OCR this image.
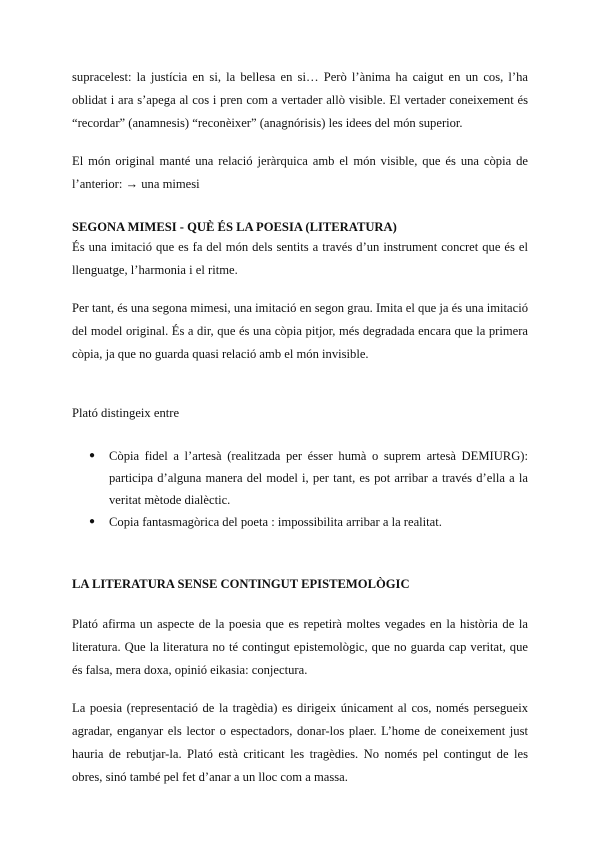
supracelest: la justícia en si, la bellesa en si… Però l’ànima ha caigut en un cos, l’ha oblidat i ara s’apega al cos i pren com a vertader allò visible. El vertader coneixement és “recordar” (anamnesis) “reconèixer” (anagnórisis) les idees del món superior.

El món original manté una relació jeràrquica amb el món visible, que és una còpia de l’anterior: → una mimesi

SEGONA MIMESI - QUÈ ÉS LA POESIA (LITERATURA)

És una imitació que es fa del món dels sentits a través d’un instrument concret que és el llenguatge, l’harmonia i el ritme.

Per tant, és una segona mimesi, una imitació en segon grau. Imita el que ja és una imitació del model original. És a dir, que és una còpia pitjor, més degradada encara que la primera còpia, ja que no guarda quasi relació amb el món invisible.

Plató distingeix entre

● Còpia fidel a l’artesà (realitzada per ésser humà o suprem artesà DEMIURG): participa d’alguna manera del model i, per tant, es pot arribar a través d’ella a la veritat mètode dialèctic.
● Copia fantasmagòrica del poeta : impossibilita arribar a la realitat.
LA LITERATURA SENSE CONTINGUT EPISTEMOLÒGIC

Plató afirma un aspecte de la poesia que es repetirà moltes vegades en la història de la literatura. Que la literatura no té contingut epistemològic, que no guarda cap veritat, que és falsa, mera doxa, opinió eikasia: conjectura.

La poesia (representació de la tragèdia) es dirigeix únicament al cos, només persegueix agradar, enganyar els lector o espectadors, donar-los plaer. L’home de coneixement just hauria de rebutjar-la. Plató està criticant les tragèdies. No només pel contingut de les obres, sinó també pel fet d’anar a un lloc com a massa.
